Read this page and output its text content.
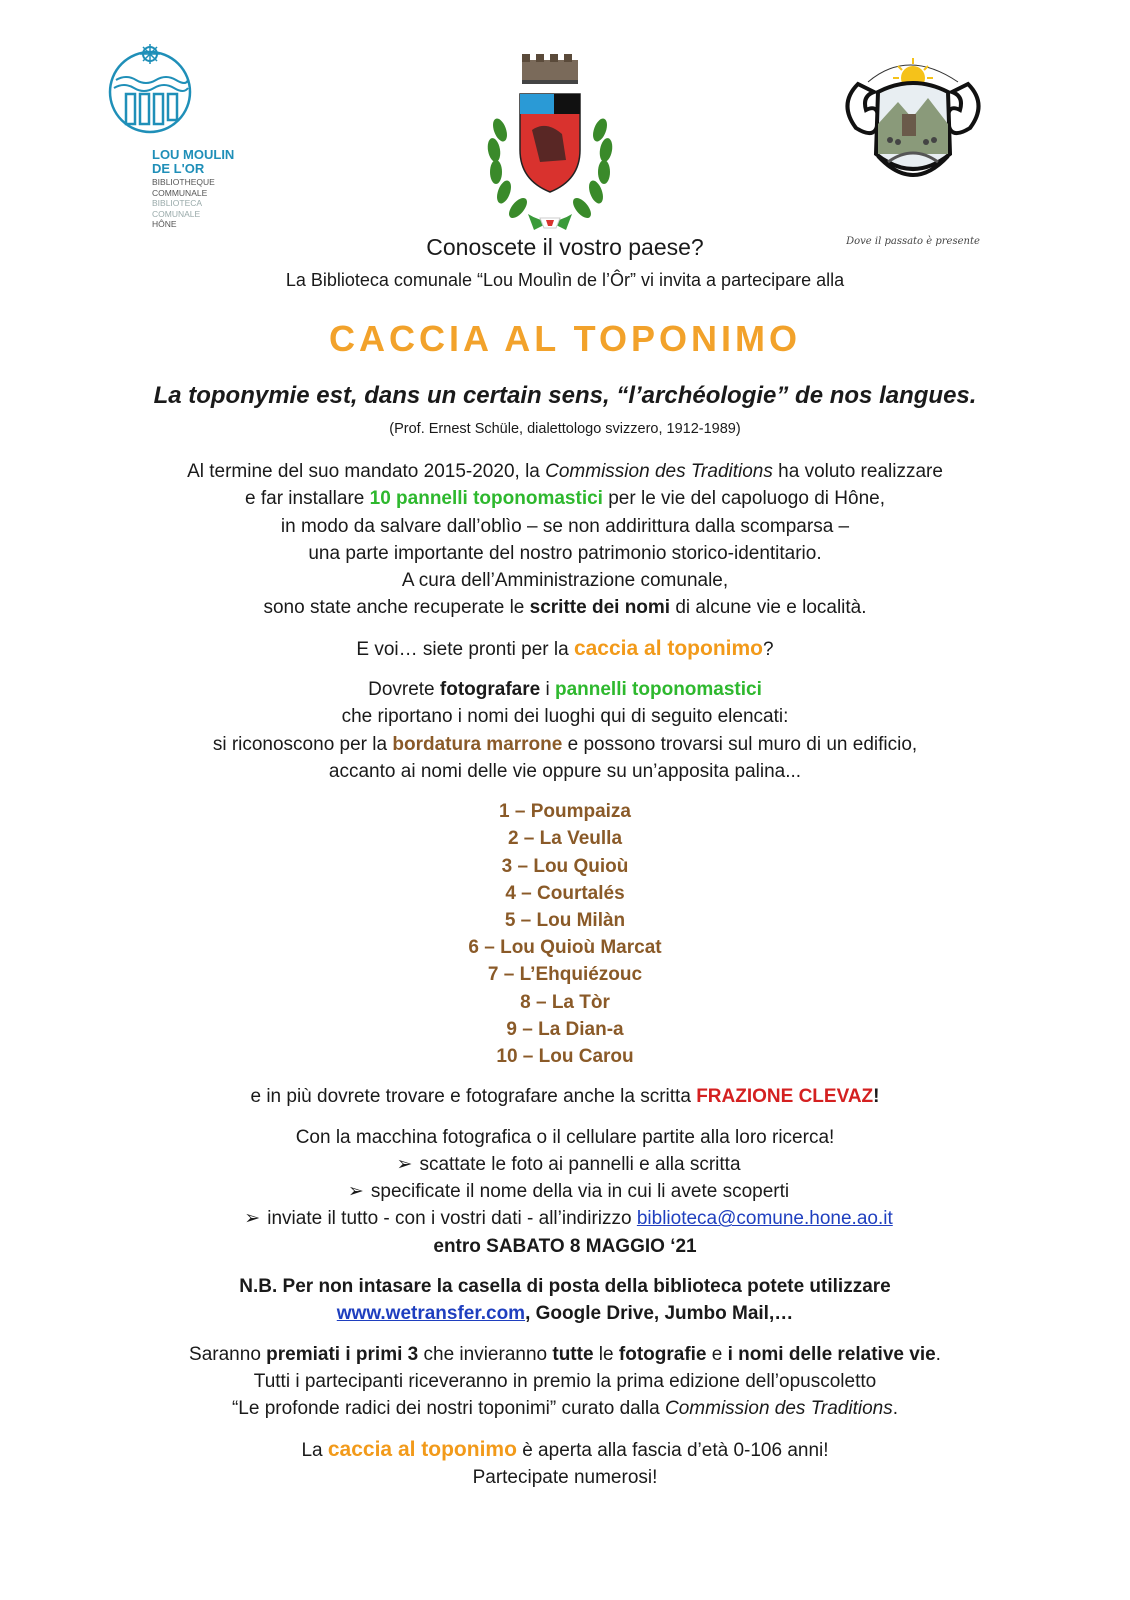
LOU MOULIN
DE L'OR
BIBLIOTHEQUE
COMMUNALE
BIBLIOTECA
COMUNALE
HÔNE
Dove il passato è presente
Conoscete il vostro paese?
La Biblioteca comunale “Lou Moulìn de l’Ôr” vi invita a partecipare alla
CACCIA AL TOPONIMO
La toponymie est, dans un certain sens, “l’archéologie” de nos langues.
(Prof. Ernest Schüle, dialettologo svizzero, 1912-1989)
Al termine del suo mandato 2015-2020, la Commission des Traditions ha voluto realizzare
e far installare 10 pannelli toponomastici per le vie del capoluogo di Hône,
in modo da salvare dall’oblìo – se non addirittura dalla scomparsa –
una parte importante del nostro patrimonio storico-identitario.
A cura dell’Amministrazione comunale,
sono state anche recuperate le scritte dei nomi di alcune vie e località.
E voi… siete pronti per la caccia al toponimo?
Dovrete fotografare i pannelli toponomastici
che riportano i nomi dei luoghi qui di seguito elencati:
si riconoscono per la bordatura marrone e possono trovarsi sul muro di un edificio,
accanto ai nomi delle vie oppure su un’apposita palina...
1 – Poumpaiza
2 – La Veulla
3 – Lou Quioù
4 – Courtalés
5 – Lou Milàn
6 – Lou Quioù Marcat
7 – L’Ehquiézouc
8 – La Tòr
9 – La Dian-a
10 – Lou Carou
e in più dovrete trovare e fotografare anche la scritta FRAZIONE CLEVAZ!
Con la macchina fotografica o il cellulare partite alla loro ricerca!
➢ scattate le foto ai pannelli e alla scritta
➢ specificate il nome della via in cui li avete scoperti
➢ inviate il tutto - con i vostri dati - all’indirizzo biblioteca@comune.hone.ao.it
entro SABATO 8 MAGGIO ‘21
N.B. Per non intasare la casella di posta della biblioteca potete utilizzare
www.wetransfer.com, Google Drive, Jumbo Mail,…
Saranno premiati i primi 3 che invieranno tutte le fotografie e i nomi delle relative vie.
Tutti i partecipanti riceveranno in premio la prima edizione dell’opuscoletto
“Le profonde radici dei nostri toponimi” curato dalla Commission des Traditions.
La caccia al toponimo è aperta alla fascia d’età 0-106 anni!
Partecipate numerosi!
